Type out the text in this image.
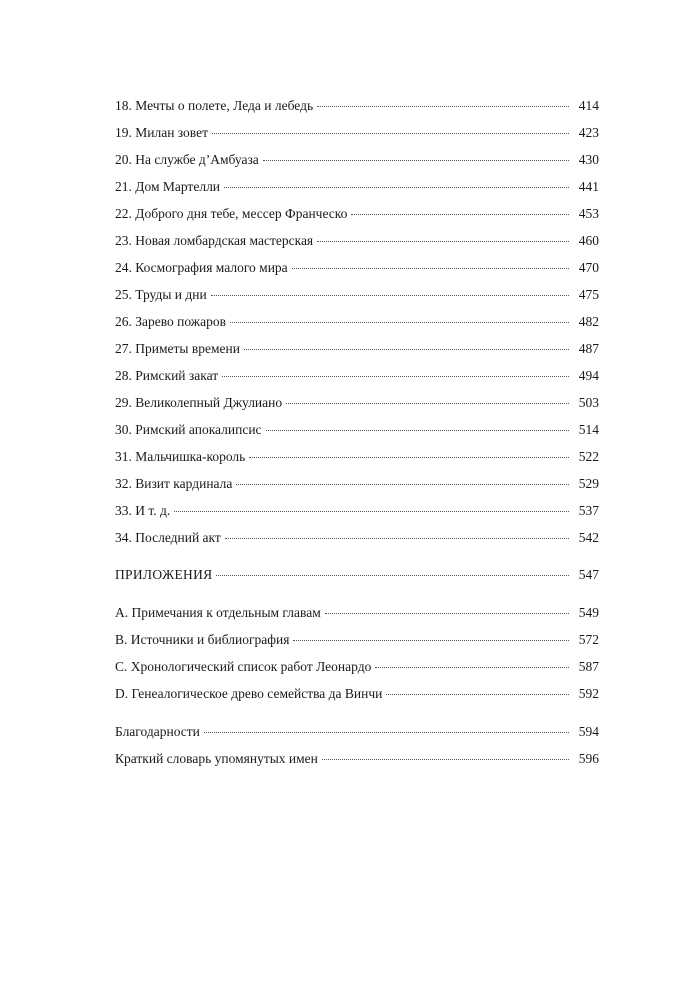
18. Мечты о полете, Леда и лебедь	414
19. Милан зовет	423
20. На службе д’Амбуаза	430
21. Дом Мартелли	441
22. Доброго дня тебе, мессер Франческо	453
23. Новая ломбардская мастерская	460
24. Космография малого мира	470
25. Труды и дни	475
26. Зарево пожаров	482
27. Приметы времени	487
28. Римский закат	494
29. Великолепный Джулиано	503
30. Римский апокалипсис	514
31. Мальчишка-король	522
32. Визит кардинала	529
33. И т. д.	537
34. Последний акт	542
ПРИЛОЖЕНИЯ	547
A. Примечания к отдельным главам	549
B. Источники и библиография	572
C. Хронологический список работ Леонардо	587
D. Генеалогическое древо семейства да Винчи	592
Благодарности	594
Краткий словарь упомянутых имен	596
